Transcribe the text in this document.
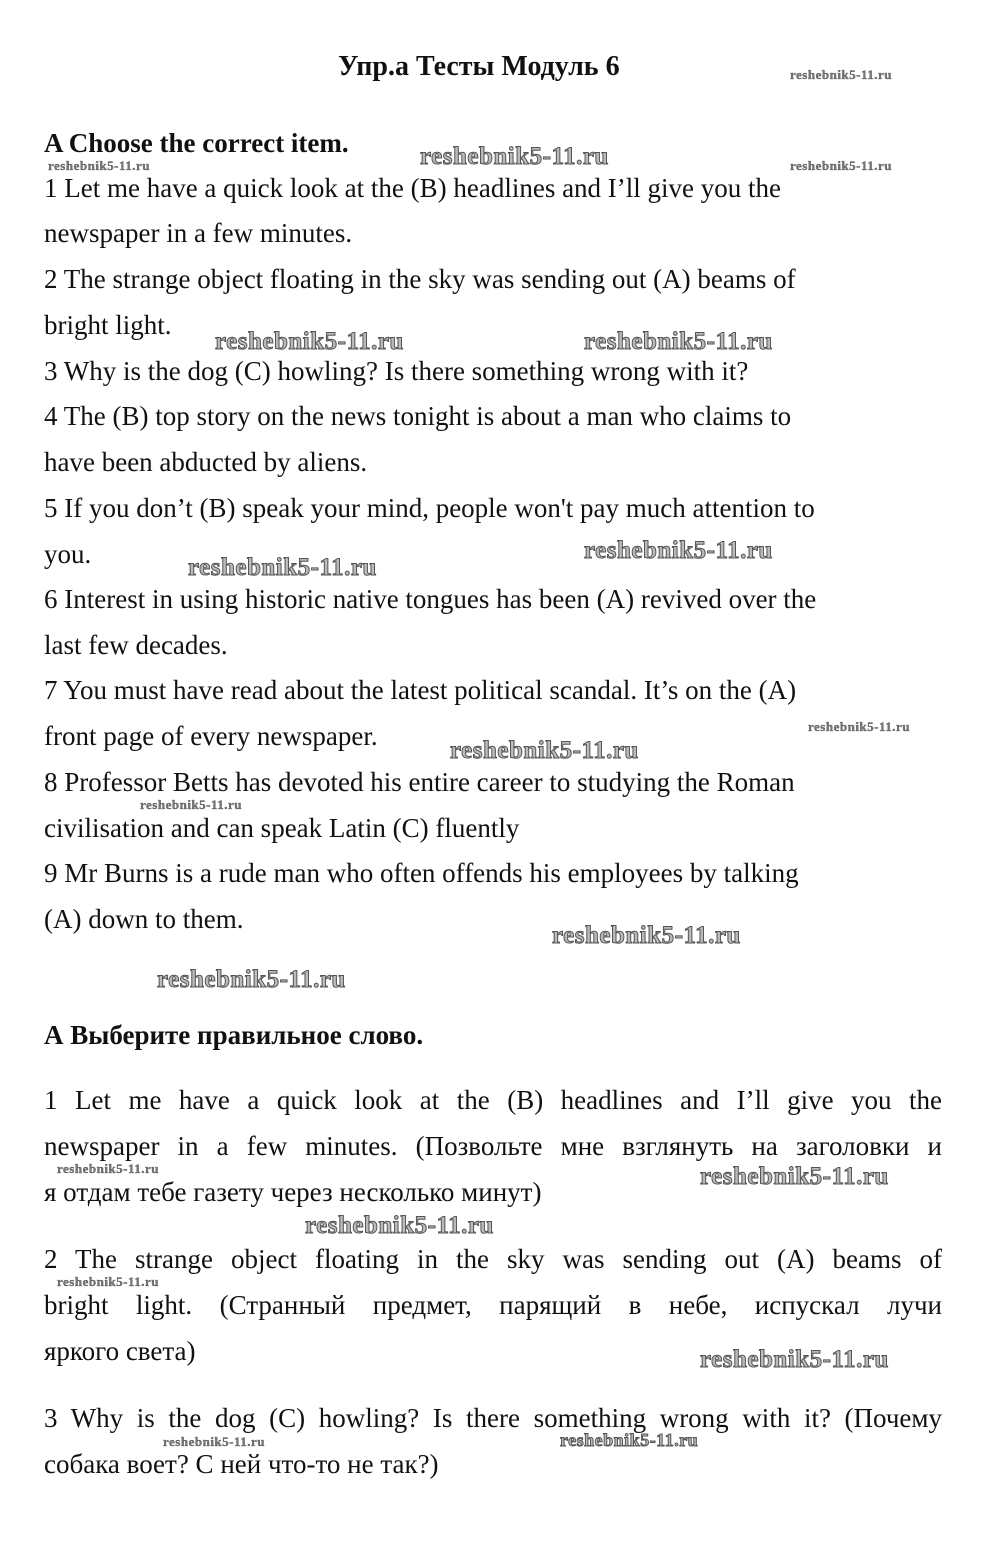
Упр.а Тесты Модуль 6
A Choose the correct item.
1 Let me have a quick look at the (B) headlines and I’ll give you the
newspaper in a few minutes.
2 The strange object floating in the sky was sending out (A) beams of
bright light.
3 Why is the dog (C) howling? Is there something wrong with it?
4 The (B) top story on the news tonight is about a man who claims to
have been abducted by aliens.
5 If you don’t (B) speak your mind, people won't pay much attention to
you.
6 Interest in using historic native tongues has been (A) revived over the
last few decades.
7 You must have read about the latest political scandal. It’s on the (A)
front page of every newspaper.
8 Professor Betts has devoted his entire career to studying the Roman
civilisation and can speak Latin (C) fluently
9 Mr Burns is a rude man who often offends his employees by talking
(A) down to them.
А Выберите правильное слово.
1 Let me have a quick look at the (B) headlines and I’ll give you the
newspaper in a few minutes. (Позвольте мне взглянуть на заголовки и
я отдам тебе газету через несколько минут)
2 The strange object floating in the sky was sending out (A) beams of
bright light. (Странный предмет, парящий в небе, испускал лучи
яркого света)
3 Why is the dog (C) howling? Is there something wrong with it? (Почему
собака воет? С ней что-то не так?)
reshebnik5-11.ru
reshebnik5-11.ru	reshebnik5-11.ru
reshebnik5-11.ru
reshebnik5-11.ru	reshebnik5-11.ru
reshebnik5-11.ru
reshebnik5-11.ru
reshebnik5-11.ru
reshebnik5-11.ru
reshebnik5-11.ru
reshebnik5-11.ru
reshebnik5-11.ru
reshebnik5-11.ru	reshebnik5-11.ru
reshebnik5-11.ru
reshebnik5-11.ru
reshebnik5-11.ru
reshebnik5-11.ru	reshebnik5-11.ru
